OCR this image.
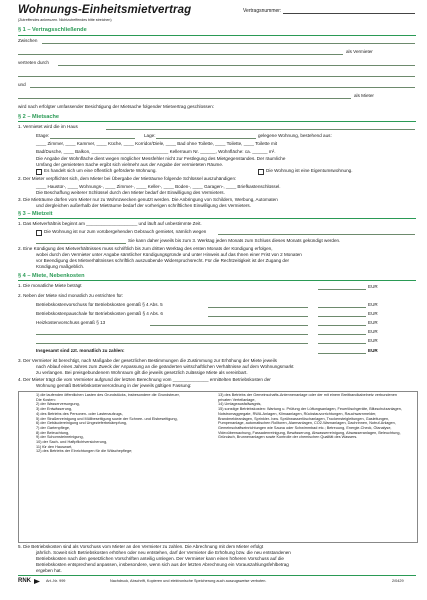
Wohnungs-Einheitsmietvertrag	Vertragsnummer:
(Zutreffendes ankreuzen. Nichtzutreffendes bitte streichen)
§ 1 – Vertragsschließende
Zwischen
als Vermieter
vertreten durch
und
als Mieter
wird nach erfolgter umfassender Besichtigung der Mietsache folgender Mietvertrag geschlossen:
§ 2 – Mietsache
1. Vermietet wird die im Haus
Etage:	Lage:	gelegene Wohnung, bestehend aus:
____ Zimmer, ____ Kammer, ____ Küche, ____ Korridor/Diele, ____ Bad ohne Toilette, ____ Toilette, ____ Toilette mit
Bad/Dusche, ____ Balkon, ______________________________ Kellerraum Nr. ______, Wohnfläche: ca. ______ m².
Die Angabe der Wohnfläche dient wegen möglicher Messfehler nicht zur Festlegung des Mietgegenstandes. Der räumliche
Umfang der gemieteten Sache ergibt sich vielmehr aus der Angabe der vermieteten Räume.
Es handelt sich um eine öffentlich geförderte Wohnung.	Die Wohnung ist eine Eigentumswohnung.
2. Der Mieter verpflichtet sich, dem Mieter bei Übergabe der Mieträume folgende Schlüssel auszuhändigen:
____ Haustür-, ____ Wohnungs-, ____ Zimmer-, ____ Keller-, ____ Boden-, ____ Garagen-, ____ Briefkastenschlüssel.
Die Beschaffung weiterer Schlüssel durch den Mieter bedarf der Einwilligung des Vermieters.
3. Die Mieträume dürfen vom Mieter nur zu Wohnzwecken genutzt werden. Die Anbringung von Schildern, Werbung, Automaten
und dergleichen außerhalb der Mieträume bedarf der vorherigen schriftlichen Einwilligung des Vermieters.
§ 3 – Mietzeit
1. Das Mietverhältnis beginnt am ____________________ und läuft auf unbestimmte Zeit.
Die Wohnung ist nur zum vorübergehenden Gebrauch gemietet, nämlich wegen
Sie kann daher jeweils bis zum 3. Werktag jeden Monats zum Schluss dieses Monats gekündigt werden.
2. Eine Kündigung des Mietverhältnisses muss schriftlich bis zum dritten Werktag des ersten Monats der Kündigung erfolgen,
wobei durch den Vermieter unter Angabe sämtlicher Kündigungsgründe und unter Hinweis auf das Ihnen einer Frist von 2 Monaten
vor Beendigung des Mietverhältnisses schriftlich auszuübende Widerspruchsrecht. Für die Rechtzeitigkeit ist der Zugang der
Kündigung maßgeblich.
§ 4 – Miete, Nebenkosten
1. Die monatliche Miete beträgt	EUR
2. Neben der Miete sind monatlich zu entrichten für:
Betriebskostenvorschuss für Betriebskosten gemäß § 4 Abs. 5	EUR
Betriebskostenpauschale für Betriebskosten gemäß § 4 Abs. 6	EUR
Heizkostenvorschuss gemäß § 13	EUR
EUR
EUR
Insgesamt sind zzt. monatlich zu zahlen:	EUR
3. Der Vermieter ist berechtigt, nach Maßgabe der gesetzlichen Bestimmungen die Zustimmung zur Erhöhung der Miete jeweils
nach Ablauf eines Jahres zum Zweck der Anpassung an die geänderten wirtschaftlichen Verhältnisse auf dem Wohnungsmarkt
zu verlangen. Bei preisgebundenem Wohnraum gilt die jeweils gesetzlich zulässige Miete als vereinbart.
4. Der Mieter trägt die vom Vermieter aufgrund der letzten Berechnung vom ______________ ermittelten Betriebskosten der
Wohnung gemäß Betriebskostenverordnung in der jeweils gültigen Fassung:
1) die laufenden öffentlichen Lasten des Grundstücks, insbesondere die Grundsteuer,
Die Kosten:
2) der Wasserversorgung,
3) der Entwässerung,
4) des Betriebs des Personen- oder Lastenaufzugs,
5) der Straßenreinigung und Müllbeseitigung sowie der Schnee- und Eisbeseitigung,
6) der Gebäudereinigung und Ungezieferbekämpfung,
7) der Gartenpflege,
8) der Beleuchtung,
9) der Schornsteinreinigung,
10) der Sach- und Haftpflichtversicherung,
11) für den Hauswart,
12) des Betriebs der Einrichtungen für die Wäschepflege;
13) des Betriebs der Gemeinschafts-Antennenanlage oder der mit einem Breitbandkabelnetz verbundenen privaten Verteilanlage,
14) Umlageausfallwagnis,
15) sonstige Betriebskosten: Wartung u. Prüfung der Lüftungsanlagen, Feuerlöschgeräte, Blitzschutzanlagen, Notstromaggregate, RWA-Anlagen, Klimaanlagen, Rückstauvorrichtungen, Rauchwarnmelder, Brandmeldeanlagen, Sprinkler- bzw. Sprühwasserlöschanlagen, Trockensteigleitungen, Gasleitungen, Pumpenanlage, automatischen Rolltoren, Alarmanlagen, CO2-Warnanlagen, Dachrinnen, Notruf-Anlagen, Gemeinschaftseinrichtungen wie Sauna oder Schwimmbad etc.; Betreuung, Energie-Check, Ölanalyse, Videoüberwachung, Fassadenreinigung, Bewässerung, Abwasserreinigung, Abwasseranlagen, Beleuchtung, Gründach, Brunnenanlagen sowie Kontrolle der chemischen Qualität des Wassers.
5. Die Betriebskosten sind als Vorschuss vom Mieter an den Vermieter zu zahlen. Die Abrechnung mit dem Mieter erfolgt
jährlich. Soweit sich Betriebskosten erhöhen oder neu entstehen, darf der Vermieter die Erhöhung bzw. die neu entstandenen
Betriebskosten nach den gesetzlichen Vorschriften anteilig umlegen. Der Vermieter kann einen höheren Vorschuss auf die
Betriebskosten entsprechend anpassen, insbesondere, wenn sich aus der letzten Abrechnung ein Vorauszahlungsfehlbetrag
ergeben hat.
RNK	Art.-Nr. 999	Nachdruck, Abschrift, Kopieren und elektronische Speicherung auch auszugsweise verboten.	2/0429
